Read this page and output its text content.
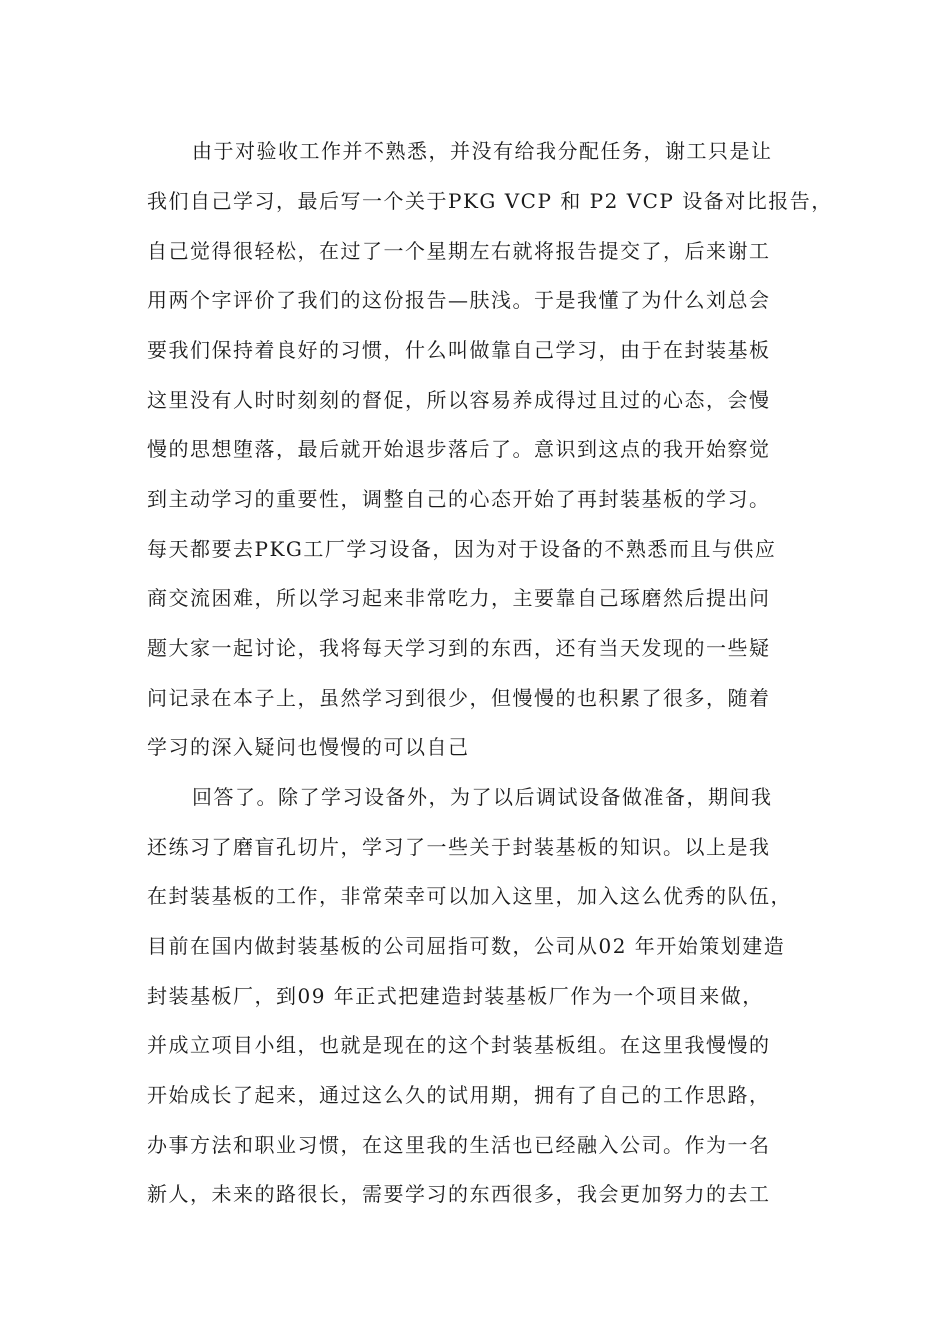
由于对验收工作并不熟悉，并没有给我分配任务，谢工只是让
我们自己学习，最后写一个关于PKG VCP 和 P2 VCP 设备对比报告，
自己觉得很轻松，在过了一个星期左右就将报告提交了，后来谢工
用两个字评价了我们的这份报告—肤浅。于是我懂了为什么刘总会
要我们保持着良好的习惯，什么叫做靠自己学习，由于在封装基板
这里没有人时时刻刻的督促，所以容易养成得过且过的心态，会慢
慢的思想堕落，最后就开始退步落后了。意识到这点的我开始察觉
到主动学习的重要性，调整自己的心态开始了再封装基板的学习。
每天都要去PKG工厂学习设备，因为对于设备的不熟悉而且与供应
商交流困难，所以学习起来非常吃力，主要靠自己琢磨然后提出问
题大家一起讨论，我将每天学习到的东西，还有当天发现的一些疑
问记录在本子上，虽然学习到很少，但慢慢的也积累了很多，随着
学习的深入疑问也慢慢的可以自己
回答了。除了学习设备外，为了以后调试设备做准备，期间我
还练习了磨盲孔切片，学习了一些关于封装基板的知识。以上是我
在封装基板的工作，非常荣幸可以加入这里，加入这么优秀的队伍，
目前在国内做封装基板的公司屈指可数，公司从02 年开始策划建造
封装基板厂，到09 年正式把建造封装基板厂作为一个项目来做，
并成立项目小组，也就是现在的这个封装基板组。在这里我慢慢的
开始成长了起来，通过这么久的试用期，拥有了自己的工作思路，
办事方法和职业习惯，在这里我的生活也已经融入公司。作为一名
新人，未来的路很长，需要学习的东西很多，我会更加努力的去工
